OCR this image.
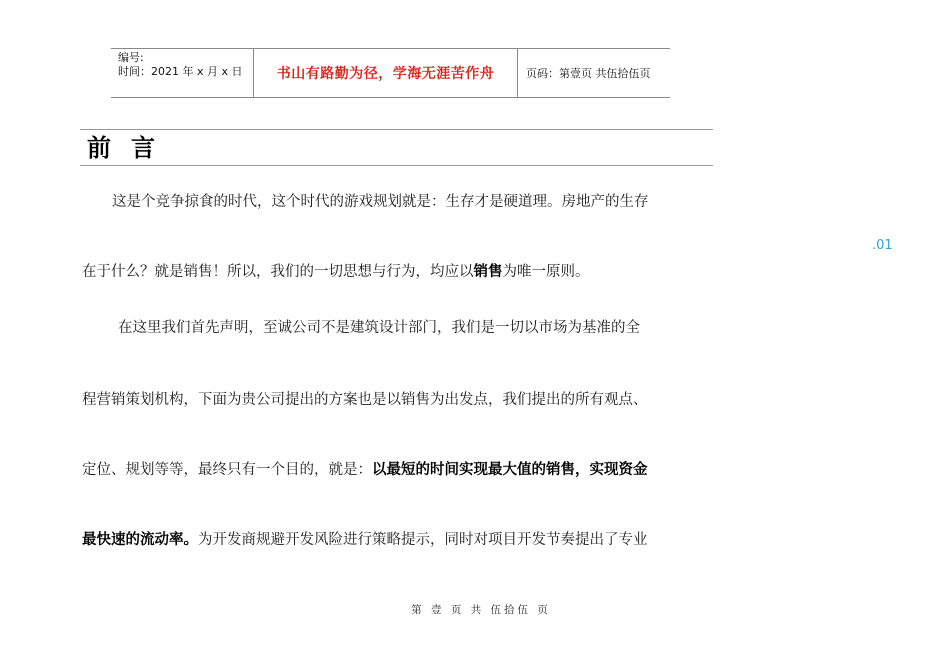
编号:
时间：2021 年 x 月 x 日	书山有路勤为径，学海无涯苦作舟	页码：第壹页 共伍拾伍页
前言
这是个竞争掠食的时代，这个时代的游戏规划就是：生存才是硬道理。房地产的生存
在于什么？就是销售！所以，我们的一切思想与行为，均应以销售为唯一原则。
在这里我们首先声明，至诚公司不是建筑设计部门，我们是一切以市场为基准的全
程营销策划机构，下面为贵公司提出的方案也是以销售为出发点，我们提出的所有观点、
定位、规划等等，最终只有一个目的，就是：以最短的时间实现最大值的销售，实现资金
最快速的流动率。为开发商规避开发风险进行策略提示，同时对项目开发节奏提出了专业
.01
第 壹 页 共 伍拾伍 页
